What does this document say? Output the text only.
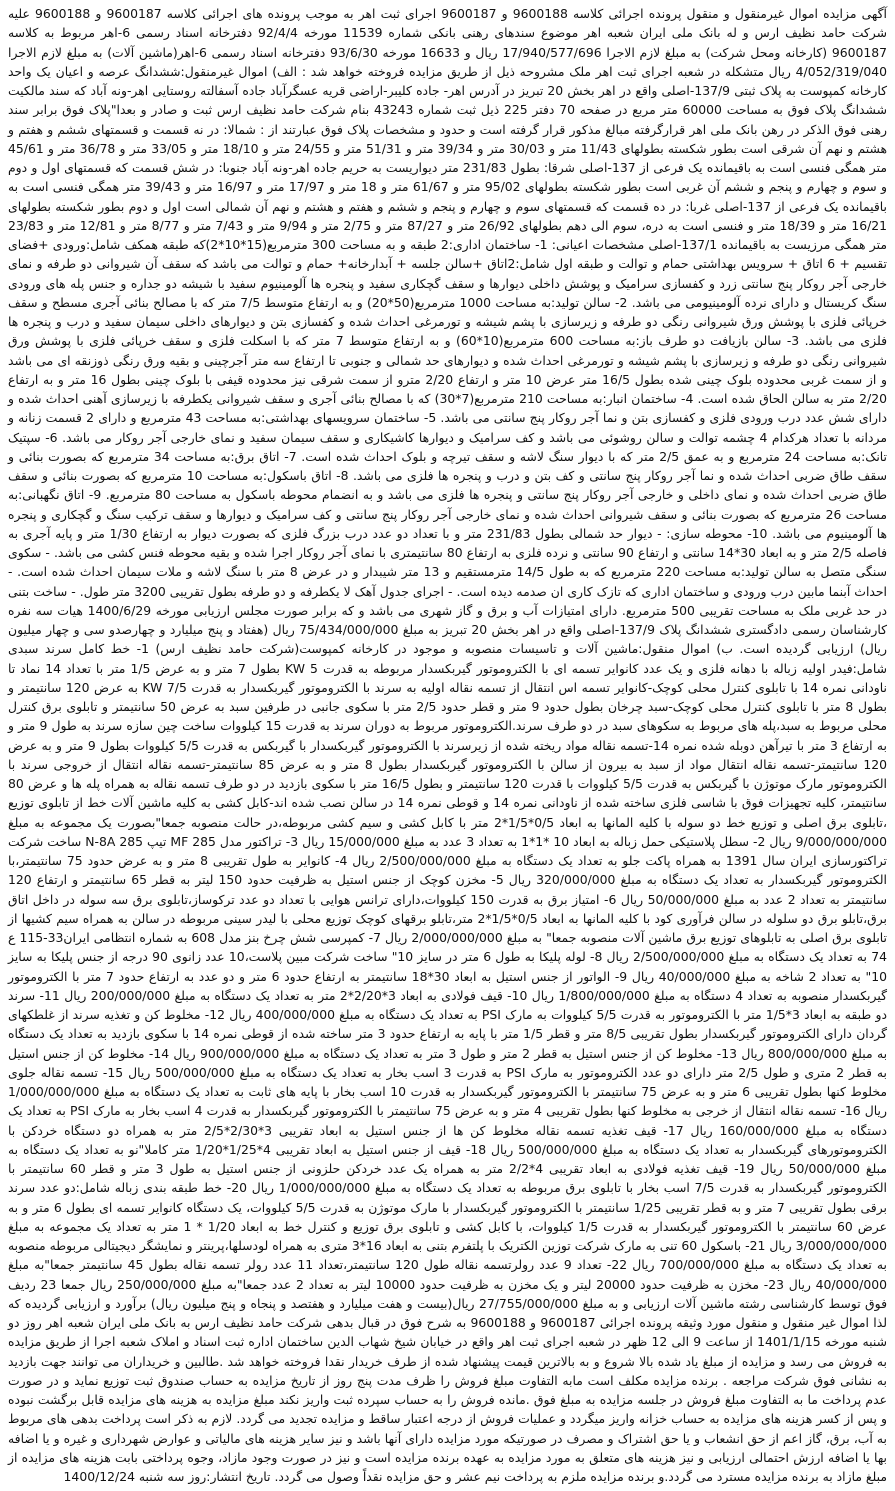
آگهی مزایده اموال غیرمنقول و منقول پرونده اجرائی کلاسه 9600188 و 9600187 اجرای ثبت اهر به موجب پرونده های اجرائی کلاسه 9600187 و 9600188 علیه شرکت حامد نظیف ارس و له بانک ملی ایران شعبه اهر موضوع سندهای رهنی بانکی شماره 11539 مورخه 92/4/4 دفترخانه اسناد رسمی 6-اهر مربوط به کلاسه 9600187 (کارخانه ومحل شرکت) به مبلغ لازم الاجرا 17/940/577/696 ریال و 16633 مورخه 93/6/30 دفترخانه اسناد رسمی 6-اهر(ماشین آلات) به مبلغ لازم الاجرا 4/052/319/040 ریال متشکله در شعبه اجرای ثبت اهر ملک مشروحه ذیل از طریق مزایده فروخته خواهد شد : الف) اموال غیرمنقول:ششدانگ عرصه و اعیان یک واحد کارخانه کمپوست به پلاک ثبتی 137/9-اصلی واقع در اهر بخش 20 تبریز در آدرس اهر- جاده کلیبر-اراضی قریه عسگرآباد جاده آسفالته روستایی اهر-ونه آباد که سند مالکیت ششدانگ پلاک فوق به مساحت 60000 متر مربع در صفحه 70 دفتر 225 ذیل ثبت شماره 43243 بنام شرکت حامد نظیف ارس ثبت و صادر و بعدا"پلاک فوق برابر سند رهنی فوق الذکر در رهن بانک ملی اهر قرارگرفته مبالغ مذکور قرار گرفته است و حدود و مشخصات پلاک فوق عبارتند از : شمالا: در نه قسمت و قسمتهای ششم و هفتم و هشتم و نهم آن شرقی است بطور شکسته بطولهای 11/43 متر و 30/03 متر و 39/34 متر و 51/31 متر و 24/55 متر و 18/10 متر و 33/05 متر و 36/78 متر و 45/61 متر همگی فنسی است به باقیمانده یک فرعی از 137-اصلی شرقا: بطول 231/83 متر دیواریست به حریم جاده اهر-ونه آباد جنوبا: در شش قسمت که قسمتهای اول و دوم و سوم و چهارم و پنجم و ششم آن غربی است بطور شکسته بطولهای 95/02 متر و 61/67 متر و 18 متر و 17/97 متر و 16/97 متر و 39/43 متر همگی فنسی است به باقیمانده یک فرعی از 137-اصلی غربا: در ده قسمت که قسمتهای سوم و چهارم و پنجم و ششم و هفتم و هشتم و نهم آن شمالی است اول و دوم بطور شکسته بطولهای 16/21 متر و 18/39 متر و فنسی است به دره، سوم الی دهم بطولهای 26/92 متر و 87/27 متر و 2/75 متر و 9/94 متر و 7/43 متر و 8/77 متر و 12/81 متر و 23/83 متر همگی مرزیست به باقیمانده 137/1-اصلی مشخصات اعیانی: 1- ساختمان اداری:2 طبقه و به مساحت 300 مترمربع(15*10*2)که طبقه همکف شامل:ورودی +فضای تقسیم + 6 اتاق + سرویس بهداشتی حمام و توالت و طبقه اول شامل:2اتاق +سالن جلسه + آبدارخانه+ حمام و توالت می باشد که سقف آن شیروانی دو طرفه و نمای خارجی آجر روکار پنج سانتی زرد و کفسازی سرامیک و پوشش داخلی دیوارها و سقف گچکاری سفید و پنجره ها آلومینیوم سفید با شیشه دو جداره و جنس پله های ورودی سنگ کریستال و دارای نرده آلومینیومی می باشد. 2- سالن تولید:به مساحت 1000 مترمربع(50*20) و به ارتفاع متوسط 7/5 متر که با مصالح بنائی آجری مسطح و سقف خرپائی فلزی با پوشش ورق شیروانی رنگی دو طرفه و زیرسازی با پشم شیشه و تورمرغی احداث شده و کفسازی بتن و دیوارهای داخلی سیمان سفید و درب و پنجره ها فلزی می باشد. 3- سالن بازیافت دو طرف باز:به مساحت 600 مترمربع(10*60) و به ارتفاع متوسط 7 متر که با اسکلت فلزی و سقف خرپائی فلزی با پوشش ورق شیروانی رنگی دو طرفه و زیرسازی با پشم شیشه و تورمرغی احداث شده و دیوارهای حد شمالی و جنوبی تا ارتفاع سه متر آجرچینی و بقیه ورق رنگی ذوزنقه ای می باشد و از سمت غربی محدوده بلوک چینی شده بطول 16/5 متر عرض 10 متر و ارتفاع 2/20 مترو از سمت شرقی نیز محدوده قیفی با بلوک چینی بطول 16 متر و به ارتفاع 2/20 متر به سالن الحاق شده است. 4- ساختمان انبار:به مساحت 210 مترمربع(7*30) که با مصالح بنائی آجری و سقف شیروانی یکطرفه با زیرسازی آهنی احداث شده و دارای شش عدد درب ورودی فلزی و کفسازی بتن و نما آجر روکار پنج سانتی می باشد. 5- ساختمان سرویسهای بهداشتی:به مساحت 43 مترمربع و دارای 2 قسمت زنانه و مردانه با تعداد هرکدام 4 چشمه توالت و سالن روشوئی می باشد و کف سرامیک و دیوارها کاشیکاری و سقف سیمان سفید و نمای خارجی آجر روکار می باشد. 6- سپتیک تانک:به مساحت 24 مترمربع و به عمق 2/5 متر که با دیوار سنگ لاشه و سقف تیرچه و بلوک احداث شده است. 7- اتاق برق:به مساحت 34 مترمربع که بصورت بنائی و سقف طاق ضربی احداث شده و نما آجر روکار پنج سانتی و کف بتن و درب و پنجره ها فلزی می باشد. 8- اتاق باسکول:به مساحت 10 مترمربع که بصورت بنائی و سقف طاق ضربی احداث شده و نمای داخلی و خارجی آجر روکار پنج سانتی و پنجره ها فلزی می باشد و به انضمام محوطه باسکول به مساحت 80 مترمربع. 9- اتاق نگهبانی:به مساحت 26 مترمربع که بصورت بنائی و سقف شیروانی احداث شده و نمای خارجی آجر روکار پنج سانتی و کف سرامیک و دیوارها و سقف ترکیب سنگ و گچکاری و پنجره ها آلومینیوم می باشد. 10- محوطه سازی: - دیوار حد شمالی بطول 231/83 متر و با تعداد دو عدد درب بزرگ فلزی که بصورت دیوار به ارتفاع 1/30 متر و پایه آجری به فاصله 2/5 متر و به ابعاد 30*14 سانتی و ارتفاع 90 سانتی و نرده فلزی به ارتفاع 80 سانتیمتری با نمای آجر روکار اجرا شده و بقیه محوطه فنس کشی می باشد. - سکوی سنگی متصل به سالن تولید:به مساحت 220 مترمربع که به طول 14/5 مترمستقیم و 13 متر شیبدار و در عرض 8 متر با سنگ لاشه و ملات سیمان احداث شده است. - احداث آبنما مابین درب ورودی و ساختمان اداری که تازک کاری ان صدمه دیده است. - اجرای جدول آهک لا یکطرفه و دو طرفه بطول تقریبی 3200 متر طول. - ساخت بتنی در حد غربی ملک به مساحت تقریبی 500 مترمربع. دارای امتیازات آب و برق و گاز شهری می باشد و که برابر صورت مجلس ارزیابی مورخه 1400/6/29 هیات سه نفره کارشناسان رسمی دادگستری ششدانگ پلاک 137/9-اصلی واقع در اهر بخش 20 تبریز به مبلغ 75/434/000/000 ریال (هفتاد و پنج میلیارد و چهارصدو سی و چهار میلیون ریال) ارزیابی گردیده است. ب) اموال منقول:ماشین آلات و تاسیسات منصوبه و موجود در کارخانه کمپوست(شرکت حامد نظیف ارس) 1- خط کامل سرند سبدی شامل:فیدر اولیه زباله با دهانه فلزی و یک عدد کانوایر تسمه ای با الکتروموتور گیربکسدار مربوطه به قدرت 5 KW بطول 7 متر و به عرض 1/5 متر با تعداد 14 نماد تا ناودانی نمره 14 با تابلوی کنترل محلی کوچک-کانوایر تسمه اس انتقال از تسمه نقاله اولیه به سرند با الکتروموتور گیربکسدار به قدرت 7/5 KW به عرض 120 سانتیمتر و بطول 8 متر با تابلوی کنترل محلی کوچک-سبد چرخان بطول حدود 9 متر و قطر حدود 2/5 متر با سکوی جانبی در طرفین سبد به عرض 50 سانتیمتر و تابلوی برق کنترل محلی مربوط به سبد،پله های مربوط به سکوهای سبد در دو طرف سرند.الکتروموتور مربوط به دوران سرند به قدرت 15 کیلووات ساخت چین سازه سرند به طول 9 متر و به ارتفاع 3 متر با تیرآهن دوبله شده نمره 14-تسمه نقاله مواد ریخته شده از زیرسرند با الکتروموتور گیربکسدار با گیربکس به قدرت 5/5 کیلووات بطول 9 متر و به عرض 120 سانتیمتر-تسمه نقاله انتقال مواد از سبد به بیرون از سالن با الکتروموتور گیربکسدار بطول 8 متر و به عرض 85 سانتیمتر-تسمه نقاله انتقال از خروجی سرند با الکتروموتور مارک موتوژن با گیربکس به قدرت 5/5 کیلووات با قدرت 120 سانتیمتر و بطول 16/5 متر با سکوی بازدید در دو طرف تسمه نقاله به همراه پله ها و عرض 80 سانتیمتر، کلیه تجهیزات فوق با شاسی فلزی ساخته شده از ناودانی نمره 14 و قوطی نمره 14 در سالن نصب شده اند-کابل کشی به کلیه ماشین آلات خط از تابلوی توزیع ،تابلوی برق اصلی و توزیع خط دو سوله با کلیه المانها به ابعاد 0/5*1/5*2 متر با کابل کشی و سیم کشی مربوطه،در حالت منصوبه جمعا"بصورت یک مجموعه به مبلغ 9/000/000/000 ریال 2- سطل پلاستیکی حمل زباله به ابعاد 10 *1*1 به تعداد 3 عدد به مبلغ 15/000/000 ریال 3- تراکتور مدل MF 285 تیپ N-8A 285 ساخت شرکت تراکتورسازی ایران سال 1391 به همراه پاکت جلو به تعداد یک دستگاه به مبلغ 2/500/000/000 ریال 4- کانوایر به طول تقریبی 8 متر و به عرض حدود 75 سانتیمتر،با الکتروموتور گیربکسدار به تعداد یک دستگاه به مبلغ 320/000/000 ریال 5- مخزن کوچک از جنس استیل به ظرفیت حدود 150 لیتر به قطر 65 سانتیمتر و ارتفاع 120 سانتیمتر به تعداد 2 عدد به مبلغ 50/000/000 ریال 6- امتیاز برق به قدرت 150 کیلووات،دارای ترانس هوایی با تعداد دو عدد ترکوساز،تابلوی برق سه سوله در داخل اتاق برق،تابلو برق دو سلوله در سالن فرآوری کود با کلیه المانها به ابعاد 0/5*1/5*2 متر،تابلو برقهای کوچک توزیع محلی با لیدر سینی مربوطه در سالن به همراه سیم کشیها از تابلوی برق اصلی به تابلوهای توزیع برق ماشین آلات منصوبه جمعا" به مبلغ 2/000/000/000 ریال 7- کمپرسی شش چرخ بنز مدل 608 به شماره انتظامی ایران33-115 ع 74 به تعداد یک دستگاه به مبلغ 2/500/000/000 ریال 8- لوله پلیکا به طول 6 متر در سایز 10" ساخت شرکت مبین پلاست،10 عدد زانوی 90 درجه از جنس پلیکا به سایز 10" به تعداد 2 شاخه به مبلغ 40/000/000 ریال 9- الواتور از جنس استیل به ابعاد 30*18 سانتیمتر به ارتفاع حدود 6 متر و دو عدد به ارتفاع حدود 7 متر با الکتروموتور گیربکسدار منصوبه به تعداد 4 دستگاه به مبلغ 1/800/000/000 ریال 10- قیف فولادی به ابعاد 3*2/20*2 متر به تعداد یک دستگاه به مبلغ 200/000/000 ریال 11- سرند دو طبقه به ابعاد 3*1/5 متر با الکتروموتور به قدرت 5/5 کیلووات به مارک PSI به تعداد یک دستگاه به مبلغ 400/000/000 ریال 12- مخلوط کن و تغذیه سرند از غلطکهای گردان دارای الکتروموتور گیربکسدار بطول تقریبی 8/5 متر و قطر 1/5 متر با پایه به ارتفاع حدود 3 متر ساخته شده از قوطی نمره 14 با سکوی بازدید به تعداد یک دستگاه به مبلغ 800/000/000 ریال 13- مخلوط کن از جنس استیل به قطر 2 متر و طول 3 متر به تعداد یک دستگاه به مبلغ 900/000/000 ریال 14- مخلوط کن از جنس استیل به قطر 2 متری و طول 2/5 متر دارای دو عدد الکتروموتور به مارک PSI به قدرت 3 اسب بخار به تعداد یک دستگاه به مبلغ 500/000/000 ریال 15- تسمه نقاله جلوی مخلوط کنها بطول تقریبی 6 متر و به عرض 75 سانتیمتر با الکتروموتور گیربکسدار به قدرت 10 اسب بخار با پایه های ثابت به تعداد یک دستگاه به مبلغ 1/000/000/000 ریال 16- تسمه نقاله انتقال از خرجی به مخلوط کنها بطول تقریبی 4 متر و به عرض 75 سانتیمتر با الکتروموتور گیربکسدار به قدرت 4 اسب بخار به مارک PSI به تعداد یک دستگاه به مبلغ 160/000/000 ریال 17- قیف تغذیه تسمه نقاله مخلوط کن ها از جنس استیل به ابعاد تقریبی 3*2/30*2/5 متر به همراه دو دستگاه خردکن با الکتروموتورهای گیربکسدار به تعداد یک دستگاه به مبلغ 500/000/000 ریال 18- قیف از جنس استیل به ابعاد تقریبی 4*1/25*1/20 متر کاملا"نو به تعداد یک دستگاه به مبلغ 50/000/000 ریال 19- قیف تغذیه فولادی به ابعاد تقریبی 4*2/2 متر به همراه یک عدد خردکن حلزونی از جنس استیل به طول 3 متر و قطر 60 سانتیمتر با الکتروموتور گیربکسدار به قدرت 7/5 اسب بخار با تابلوی برق مربوطه به تعداد یک دستگاه به مبلغ 1/000/000/000 ریال 20- خط طبقه بندی زباله شامل:دو عدد سرند برقی بطول تقریبی 7 متر و به قطر تقریبی 1/25 سانتیمتر با الکتروموتور گیربکسدار با مارک موتوژن به قدرت 5/5 کیلووات، یک دستگاه کانوایر تسمه ای بطول 6 متر و به عرض 60 سانتیمتر با الکتروموتور گیربکسدار به قدرت 1/5 کیلووات، با کابل کشی و تابلوی برق توزیع و کنترل خط به ابعاد 1/20 * 1 متر به تعداد یک مجموعه به مبلغ 3/000/000/000 ریال 21- باسکول 60 تنی به مارک شرکت توزین الکتریک با پلتفرم بتنی به ابعاد 16*3 متری به همراه لودسلها،پرینتر و نمایشگر دیجیتالی مربوطه منصوبه به تعداد یک دستگاه به مبلغ 700/000/000 ریال 22- تعداد 9 عدد رولرتسمه نقاله طول 120 سانتیمتر،تعداد 11 عدد رولر تسمه نقاله بطول 45 سانتیمتر جمعا"به مبلغ 40/000/000 ریال 23- مخزن به ظرفیت حدود 20000 لیتر و یک مخزن به ظرفیت حدود 10000 لیتر به تعداد 2 عدد جمعا"به مبلغ 250/000/000 ریال جمعا 23 ردیف فوق توسط کارشناسی رشته ماشین آلات ارزیابی و به مبلغ 27/755/000/000 ریال(بیست و هفت میلیارد و هفتصد و پنجاه و پنج میلیون ریال) برآورد و ارزیابی گردیده که لذا اموال غیر منقول و منقول مورد وثیقه پرونده اجرائی 9600187 و 9600188 به شرح فوق در قبال بدهی شرکت حامد نظیف ارس به بانک ملی ایران شعبه اهر روز دو شنبه مورخه 1401/1/15 از ساعت 9 الی 12 ظهر در شعبه اجرای ثبت اهر واقع در خیابان شیخ شهاب الدین ساختمان اداره ثبت اسناد و املاک شعبه اجرا از طریق مزایده به فروش می رسد و مزایده از مبلغ یاد شده بالا شروع و به بالاترین قیمت پیشنهاد شده از طرف خریدار نقدا فروخته خواهد شد .طالبین و خریداران می توانند جهت بازدید به نشانی فوق شرکت مراجعه . برنده مزایده مکلف است مابه التفاوت مبلغ فروش را ظرف مدت پنج روز از تاریخ مزایده به حساب صندوق ثبت توزیع نماید و در صورت عدم پرداخت ما به التفاوت مبلغ فروش در جلسه مزایده به مبلغ فوق .مانده فروش را به حساب سپرده ثبت واریز نکند مبلغ مزایده به هزینه های مزایده قابل برگشت نبوده و پس از کسر هزینه های مزایده به حساب خزانه واریز میگردد و عملیات فروش از درجه اعتبار ساقط و مزایده تجدید می گردد. لازم به ذکر است پرداخت بدهی های مربوط به آب، برق، گاز اعم از حق انشعاب و یا حق اشتراک و مصرف در صورتیکه مورد مزایده دارای آنها باشد و نیز سایر هزینه های مالیاتی و عوارض شهرداری و غیره و یا اضافه بها یا اضافه ارزش احتمالی ارزیابی و نیز هزینه های متعلق به مورد مزایده به عهده برنده مزایده است و نیز در صورت وجود مازاد، وجوه پرداختی بابت هزینه های مزایده از مبلغ مازاد به برنده مزایده مسترد می گردد.و برنده مزایده ملزم به پرداخت نیم عشر و حق مزایده نقداً وصول می گردد. تاریخ انتشار:روز سه شنبه 1400/12/24
